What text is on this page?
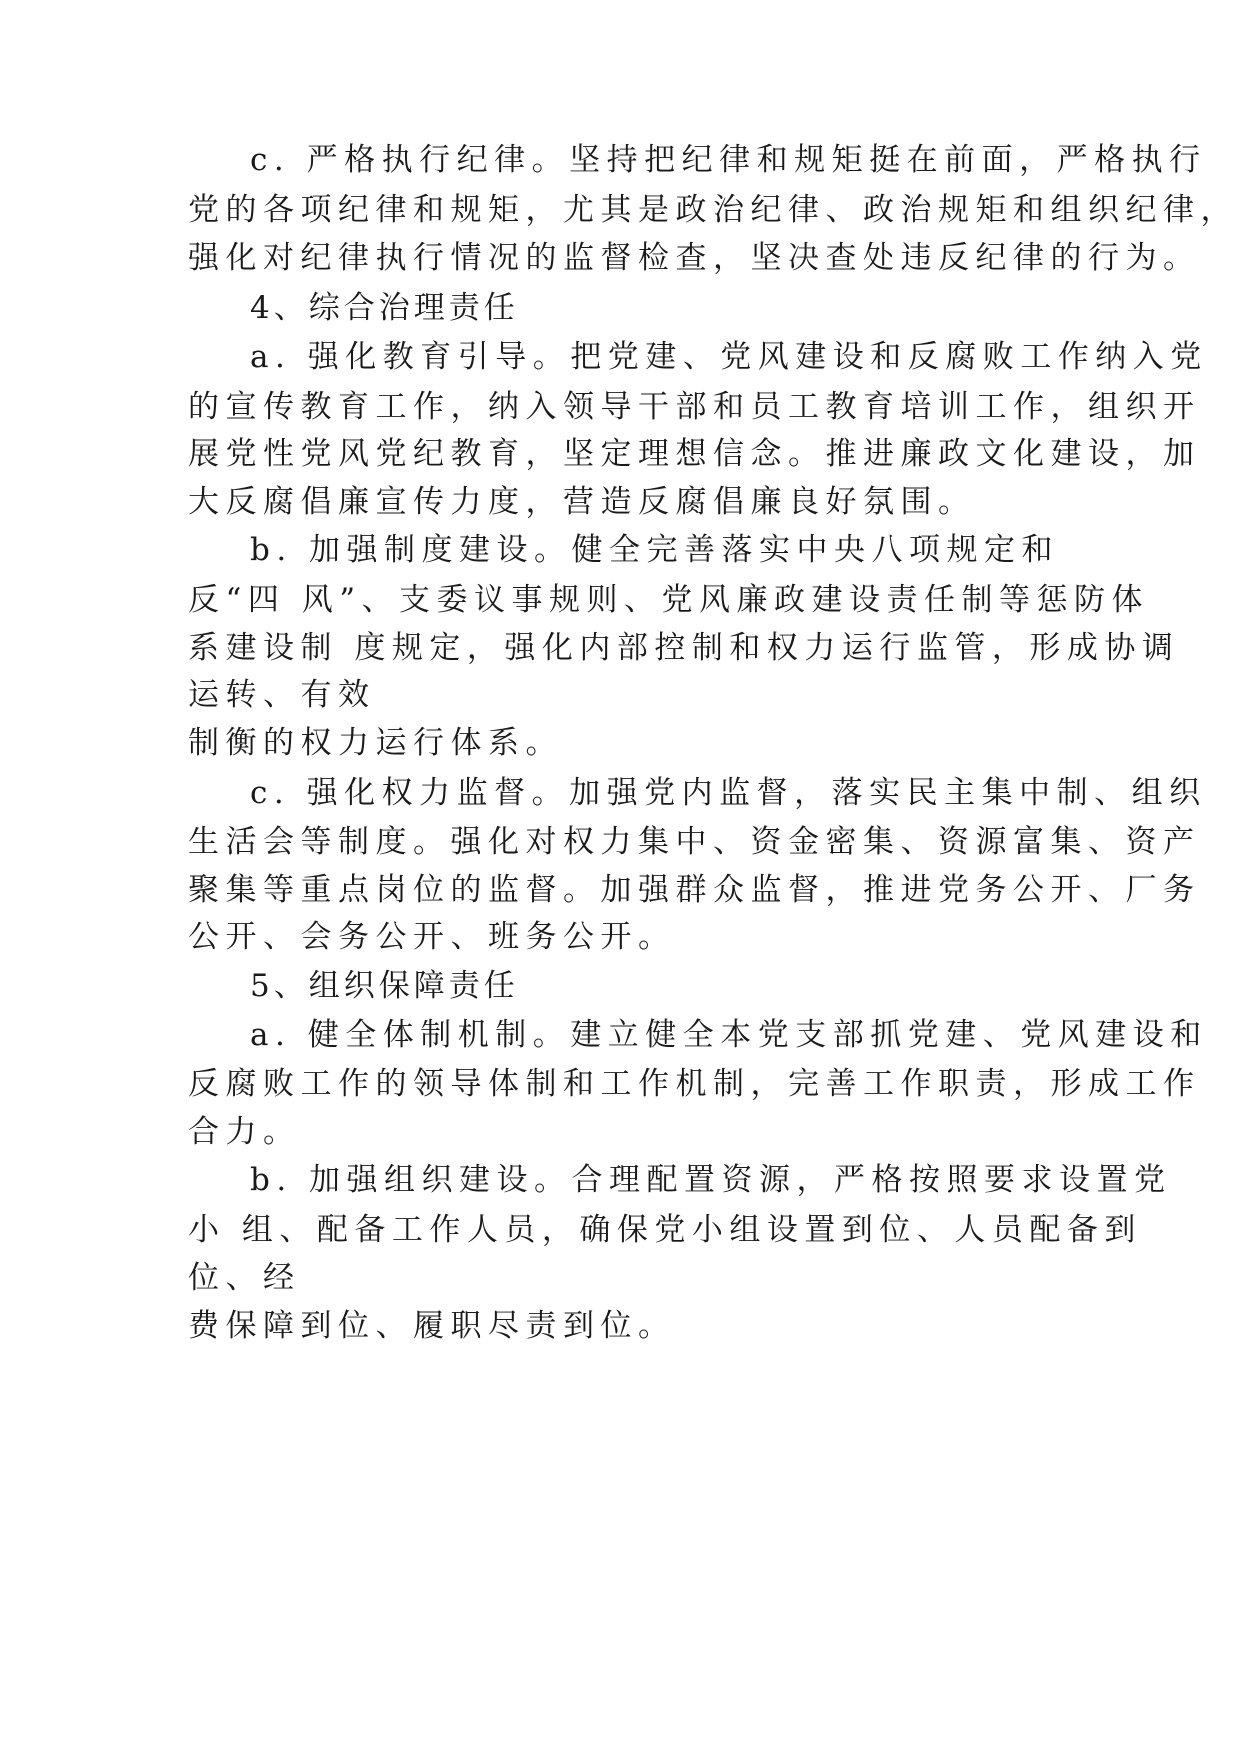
c. 严格执行纪律。坚持把纪律和规矩挺在前面，严格执行

党的各项纪律和规矩，尤其是政治纪律、政治规矩和组织纪律，

强化对纪律执行情况的监督检查，坚决查处违反纪律的行为。

4、综合治理责任

a. 强化教育引导。把党建、党风建设和反腐败工作纳入党

的宣传教育工作，纳入领导干部和员工教育培训工作，组织开

展党性党风党纪教育，坚定理想信念。推进廉政文化建设，加

大反腐倡廉宣传力度，营造反腐倡廉良好氛围。

b. 加强制度建设。健全完善落实中央八项规定和

反“四 风”、支委议事规则、党风廉政建设责任制等惩防体

系建设制 度规定，强化内部控制和权力运行监管，形成协调

运转、有效

制衡的权力运行体系。

c. 强化权力监督。加强党内监督，落实民主集中制、组织

生活会等制度。强化对权力集中、资金密集、资源富集、资产

聚集等重点岗位的监督。加强群众监督，推进党务公开、厂务

公开、会务公开、班务公开。

5、组织保障责任

a. 健全体制机制。建立健全本党支部抓党建、党风建设和

反腐败工作的领导体制和工作机制，完善工作职责，形成工作

合力。

b. 加强组织建设。合理配置资源，严格按照要求设置党

小 组、配备工作人员，确保党小组设置到位、人员配备到

位、经

费保障到位、履职尽责到位。
